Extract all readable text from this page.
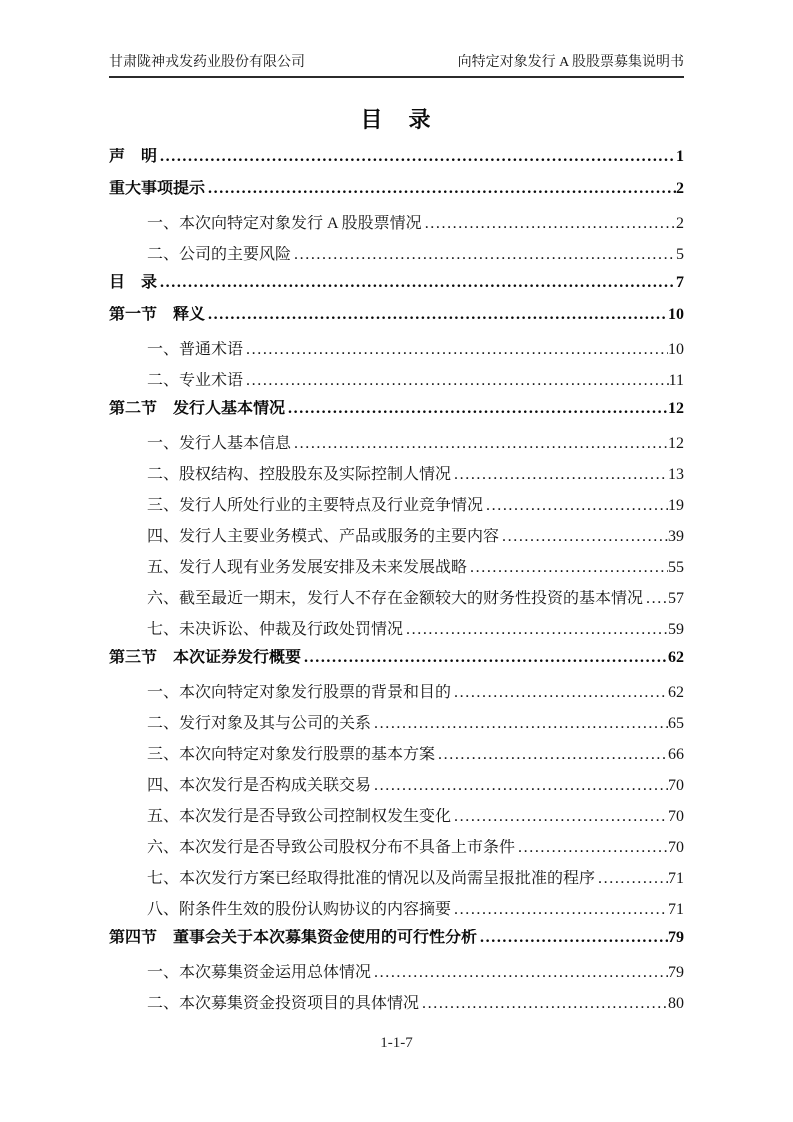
甘肃陇神戎发药业股份有限公司	向特定对象发行 A 股股票募集说明书
目　录
声　明 .....	1
重大事项提示 .....	2
一、本次向特定对象发行 A 股股票情况 .....	2
二、公司的主要风险 .....	5
目　录 .....	7
第一节　释义 .....	10
一、普通术语 .....	10
二、专业术语 .....	11
第二节　发行人基本情况 .....	12
一、发行人基本信息 .....	12
二、股权结构、控股股东及实际控制人情况 .....	13
三、发行人所处行业的主要特点及行业竞争情况 .....	19
四、发行人主要业务模式、产品或服务的主要内容 .....	39
五、发行人现有业务发展安排及未来发展战略 .....	55
六、截至最近一期末，发行人不存在金额较大的财务性投资的基本情况 ..... 57
七、未决诉讼、仲裁及行政处罚情况 .....	59
第三节　本次证券发行概要 .....	62
一、本次向特定对象发行股票的背景和目的 .....	62
二、发行对象及其与公司的关系 .....	65
三、本次向特定对象发行股票的基本方案 .....	66
四、本次发行是否构成关联交易 .....	70
五、本次发行是否导致公司控制权发生变化 .....	70
六、本次发行是否导致公司股权分布不具备上市条件 .....	70
七、本次发行方案已经取得批准的情况以及尚需呈报批准的程序 .....	71
八、附条件生效的股份认购协议的内容摘要 .....	71
第四节　董事会关于本次募集资金使用的可行性分析 .....	79
一、本次募集资金运用总体情况 .....	79
二、本次募集资金投资项目的具体情况 .....	80
1-1-7
